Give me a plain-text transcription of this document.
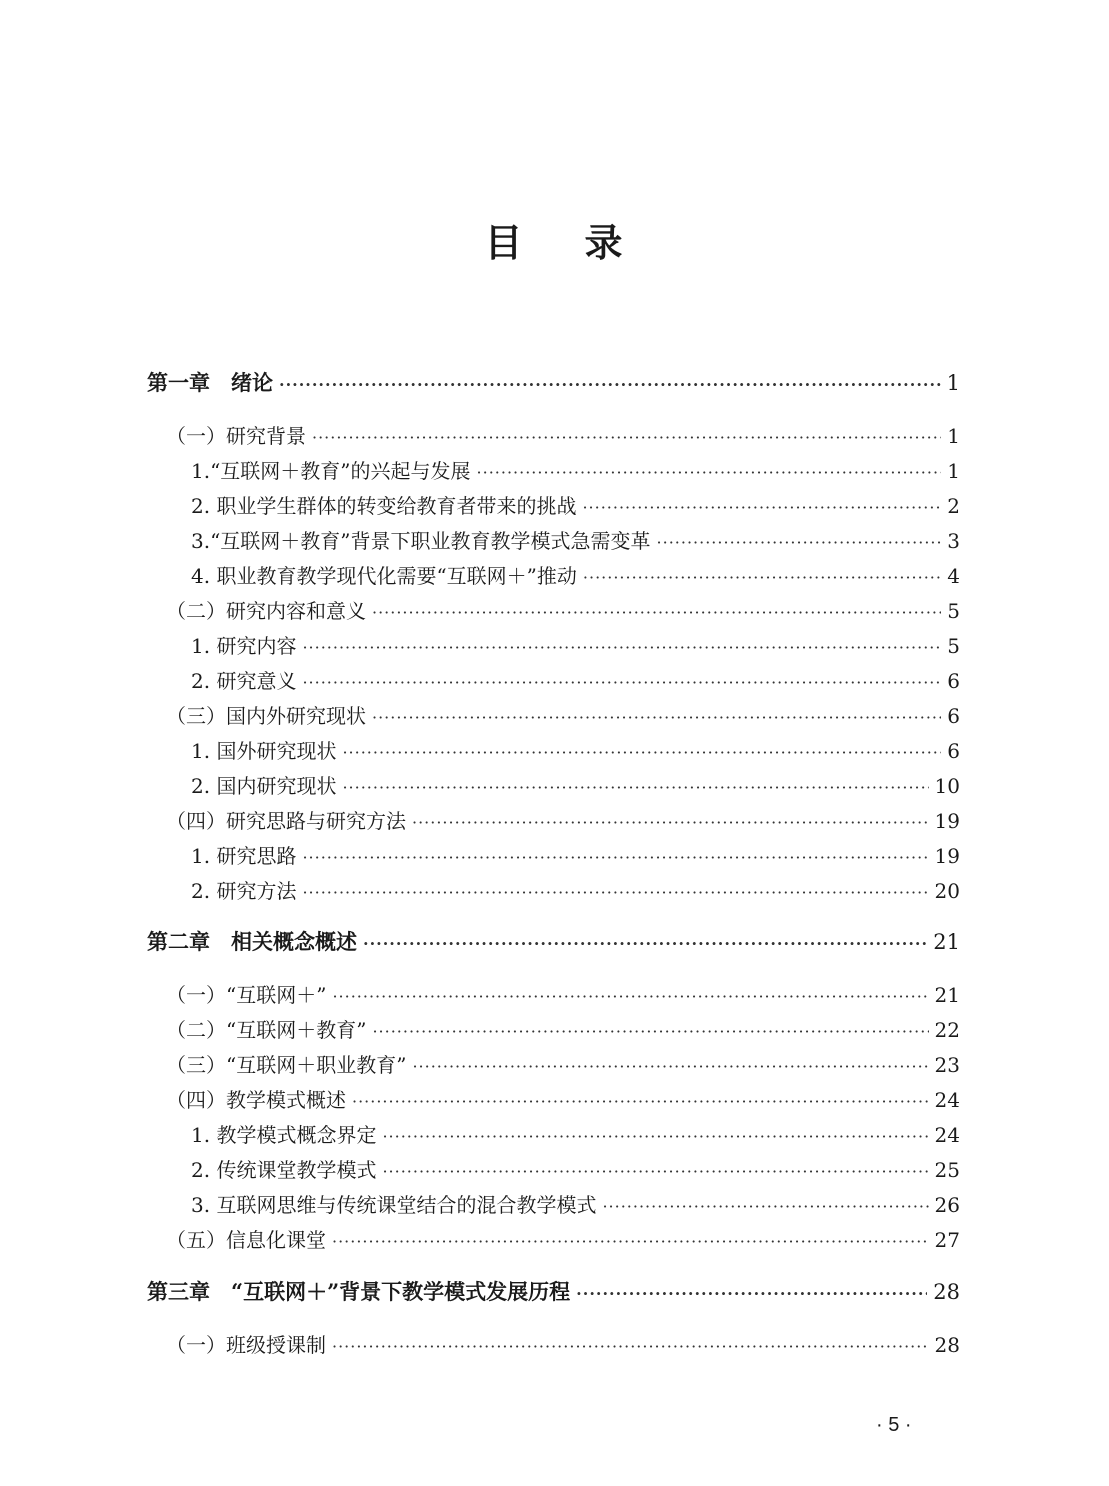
目 录
第一章　绪论 ·····	1
（一）研究背景 ·····	1
1.“互联网＋教育”的兴起与发展 ·····	1
2. 职业学生群体的转变给教育者带来的挑战 ·····	2
3.“互联网＋教育”背景下职业教育教学模式急需变革 ·····	3
4. 职业教育教学现代化需要“互联网＋”推动 ·····	4
（二）研究内容和意义 ·····	5
1. 研究内容 ·····	5
2. 研究意义 ·····	6
（三）国内外研究现状 ·····	6
1. 国外研究现状 ·····	6
2. 国内研究现状 ·····	10
（四）研究思路与研究方法 ·····	19
1. 研究思路 ·····	19
2. 研究方法 ·····	20
第二章　相关概念概述 ·····	21
（一）“互联网＋” ·····	21
（二）“互联网＋教育” ·····	22
（三）“互联网＋职业教育” ·····	23
（四）教学模式概述 ·····	24
1. 教学模式概念界定 ·····	24
2. 传统课堂教学模式 ·····	25
3. 互联网思维与传统课堂结合的混合教学模式 ·····	26
（五）信息化课堂 ·····	27
第三章　“互联网＋”背景下教学模式发展历程 ·····	28
（一）班级授课制 ·····	28
· 5 ·
